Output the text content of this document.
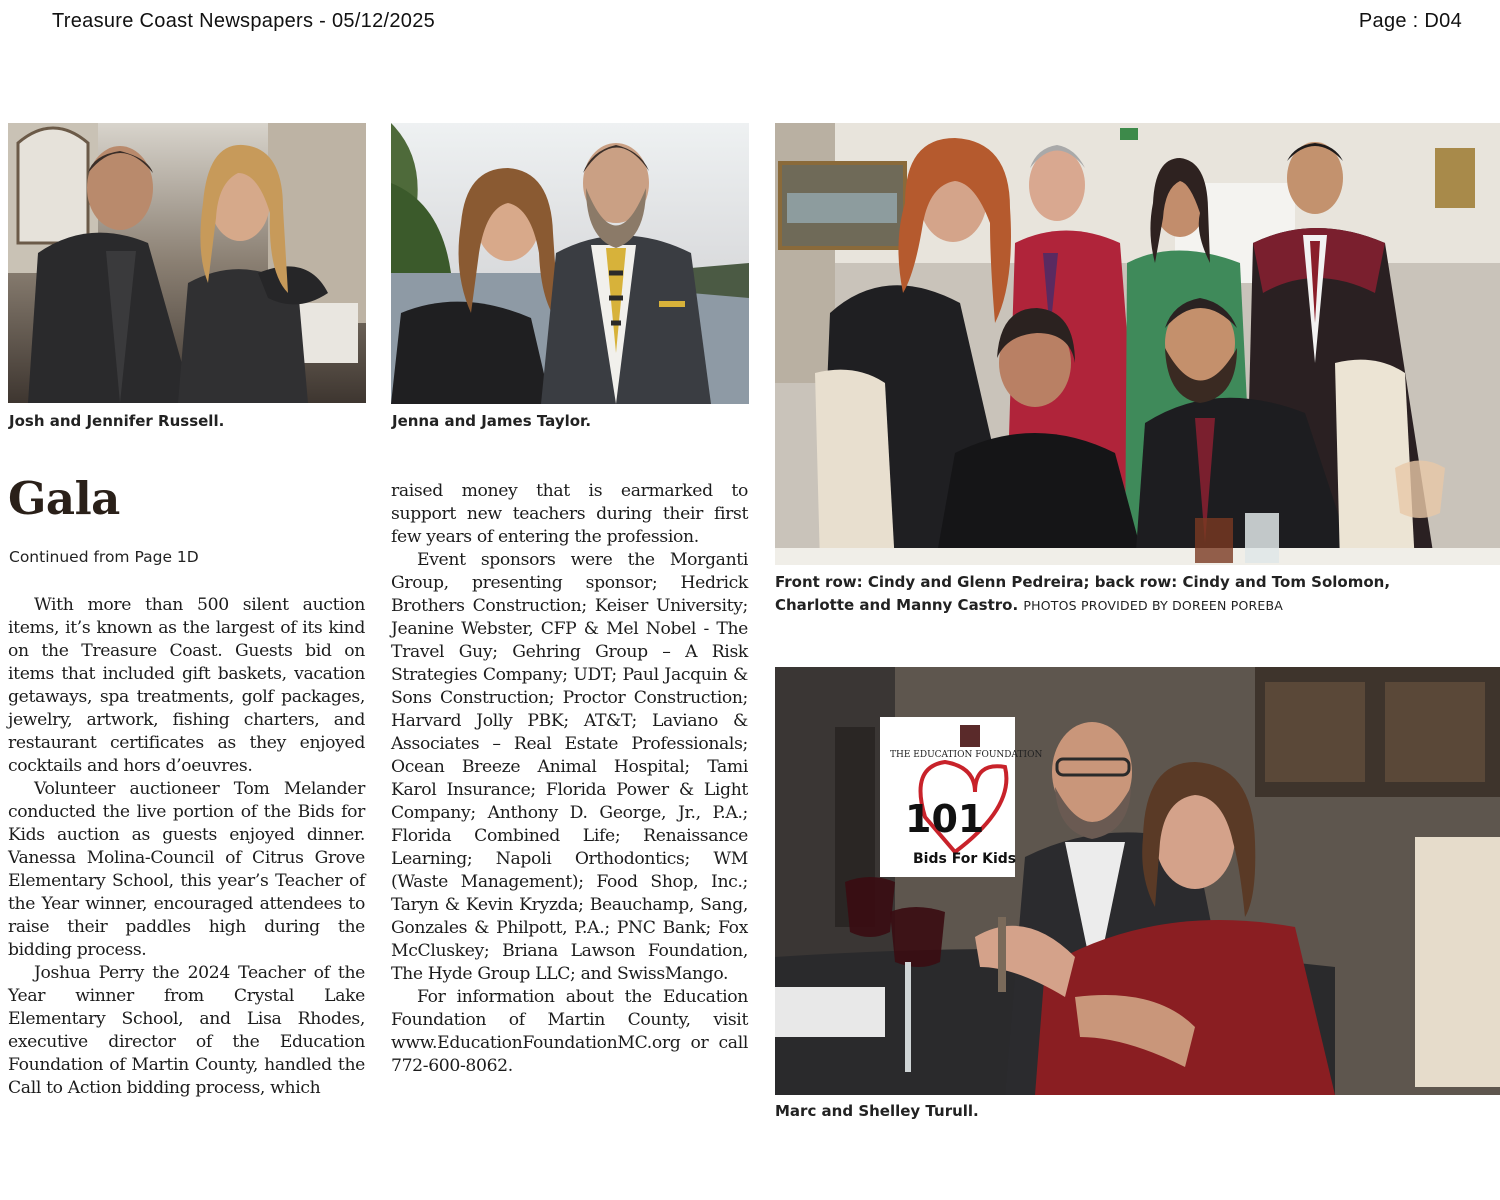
Treasure Coast Newspapers - 05/12/2025	Page : D04
Josh and Jennifer Russell.	Jenna and James Taylor.
Front row: Cindy and Glenn Pedreira; back row: Cindy and Tom Solomon, Charlotte and Manny Castro. PHOTOS PROVIDED BY DOREEN POREBA
THE EDUCATION FOUNDATION
101
Bids For Kids
Marc and Shelley Turull.
Gala
Continued from Page 1D

With more than 500 silent auction items, it’s known as the largest of its kind on the Treasure Coast. Guests bid on items that included gift baskets, vacation getaways, spa treatments, golf packages, jewelry, artwork, fishing charters, and restaurant certificates as they enjoyed cocktails and hors d’oeuvres.

Volunteer auctioneer Tom Melander conducted the live portion of the Bids for Kids auction as guests enjoyed dinner. Vanessa Molina-Council of Citrus Grove Elementary School, this year’s Teacher of the Year winner, encouraged attendees to raise their paddles high during the bidding process.

Joshua Perry the 2024 Teacher of the Year winner from Crystal Lake Elementary School, and Lisa Rhodes, executive director of the Education Foundation of Martin County, handled the Call to Action bidding process, which

raised money that is earmarked to support new teachers during their first few years of entering the profession.

Event sponsors were the Morganti Group, presenting sponsor; Hedrick Brothers Construction; Keiser University; Jeanine Webster, CFP & Mel Nobel - The Travel Guy; Gehring Group – A Risk Strategies Company; UDT; Paul Jacquin & Sons Construction; Proctor Construction; Harvard Jolly PBK; AT&T; Laviano & Associates – Real Estate Professionals; Ocean Breeze Animal Hospital; Tami Karol Insurance; Florida Power & Light Company; Anthony D. George, Jr., P.A.; Florida Combined Life; Renaissance Learning; Napoli Orthodontics; WM (Waste Management); Food Shop, Inc.; Taryn & Kevin Kryzda; Beauchamp, Sang, Gonzales & Philpott, P.A.; PNC Bank; Fox McCluskey; Briana Lawson Foundation, The Hyde Group LLC; and SwissMango.

For information about the Education Foundation of Martin County, visit www.EducationFoundationMC.org or call 772-600-8062.
